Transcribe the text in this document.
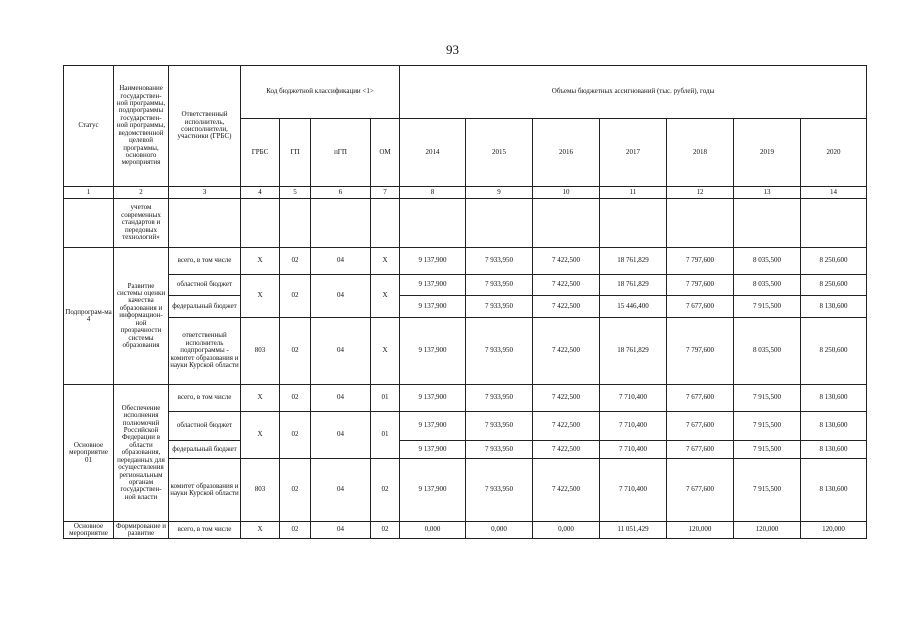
93
Статус	Наименование государствен-ной программы, подпрограммы государствен-ной программы, ведомственной целевой программы, основного мероприятия	Ответственный исполнитель, соисполнители, участники (ГРБС)	Код бюджетной классификации <1>				Объемы бюджетных ассигнований (тыс. рублей), годы						
			ГРБС	ГП	пГП	ОМ	2014	2015	2016	2017	2018	2019	2020
1	2	3	4	5	6	7	8	9	10	11	12	13	14
	учетом современных стандартов и передовых технологий»												
Подпрограм-ма 4	Развитие системы оценки качества образования и информацион-ной прозрачности системы образования	всего, в том числе	Х	02	04	Х	9 137,900	7 933,950	7 422,500	18 761,829	7 797,600	8 035,500	8 250,600
		областной бюджет	Х	02	04	Х	9 137,900	7 933,950	7 422,500	18 761,829	7 797,600	8 035,500	8 250,600
		федеральный бюджет					9 137,900	7 933,950	7 422,500	15 446,400	7 677,600	7 915,500	8 130,600
		ответственный исполнитель подпрограммы - комитет образования и науки Курской области	803	02	04	Х	9 137,900	7 933,950	7 422,500	18 761,829	7 797,600	8 035,500	8 250,600
Основное мероприятие 01	Обеспечение исполнения полномочий Российской Федерации в области образования, переданных для осуществления региональным органам государствен-ной власти	всего, в том числе	Х	02	04	01	9 137,900	7 933,950	7 422,500	7 710,400	7 677,600	7 915,500	8 130,600
		областной бюджет	Х	02	04	01	9 137,900	7 933,950	7 422,500	7 710,400	7 677,600	7 915,500	8 130,600
		федеральный бюджет					9 137,900	7 933,950	7 422,500	7 710,400	7 677,600	7 915,500	8 130,600
		комитет образования и науки Курской области	803	02	04	02	9 137,900	7 933,950	7 422,500	7 710,400	7 677,600	7 915,500	8 130,600
Основное мероприятие	Формирование и развитие	всего, в том числе	Х	02	04	02	0,000	0,000	0,000	11 051,429	120,000	120,000	120,000
